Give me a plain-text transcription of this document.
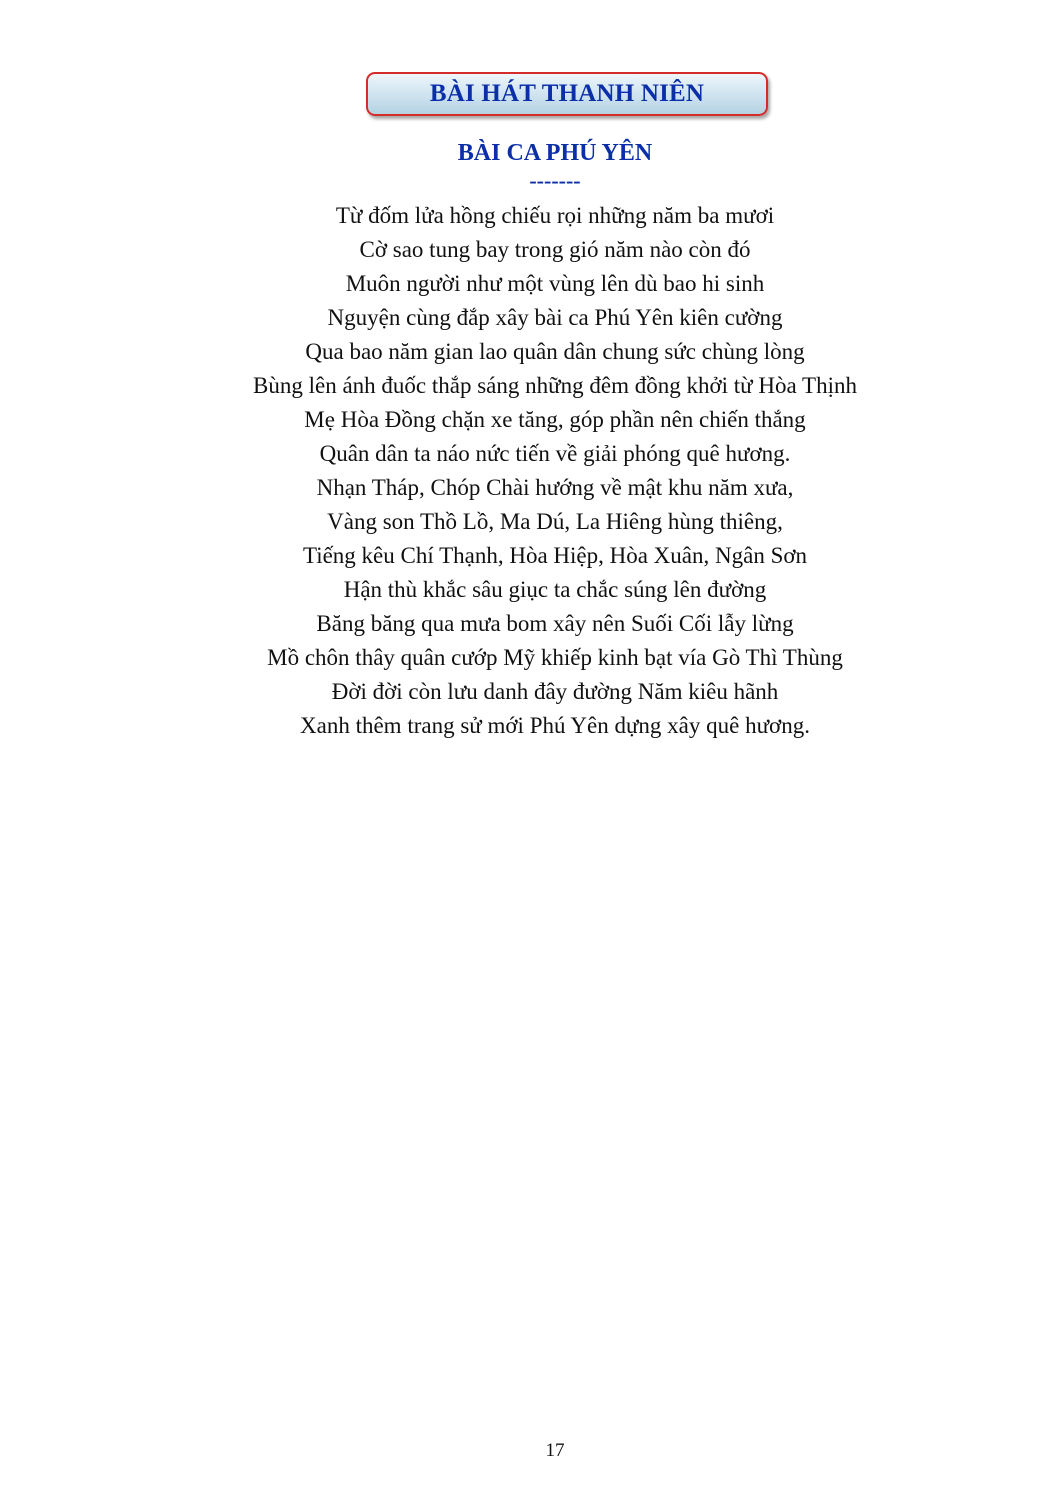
BÀI HÁT THANH NIÊN
BÀI CA PHÚ YÊN
-------
Từ đốm lửa hồng chiếu rọi những năm ba mươi
Cờ sao tung bay trong gió năm nào còn đó
Muôn người như một vùng lên dù bao hi sinh
Nguyện cùng đắp xây bài ca Phú Yên kiên cường
Qua bao năm gian lao quân dân chung sức chùng lòng
Bùng lên ánh đuốc thắp sáng những đêm đồng khởi từ Hòa Thịnh
Mẹ Hòa Đồng chặn xe tăng, góp phần nên chiến thắng
Quân dân ta náo nức tiến về giải phóng quê hương.
Nhạn Tháp, Chóp Chài hướng về mật khu năm xưa,
Vàng son Thồ Lồ, Ma Dú, La Hiêng hùng thiêng,
Tiếng kêu Chí Thạnh, Hòa Hiệp, Hòa Xuân, Ngân Sơn
Hận thù khắc sâu giục ta chắc súng lên đường
Băng băng qua mưa bom xây nên Suối Cối lẫy lừng
Mồ chôn thây quân cướp Mỹ khiếp kinh bạt vía Gò Thì Thùng
Đời đời còn lưu danh đây đường Năm kiêu hãnh
Xanh thêm trang sử mới Phú Yên dựng xây quê hương.
17
